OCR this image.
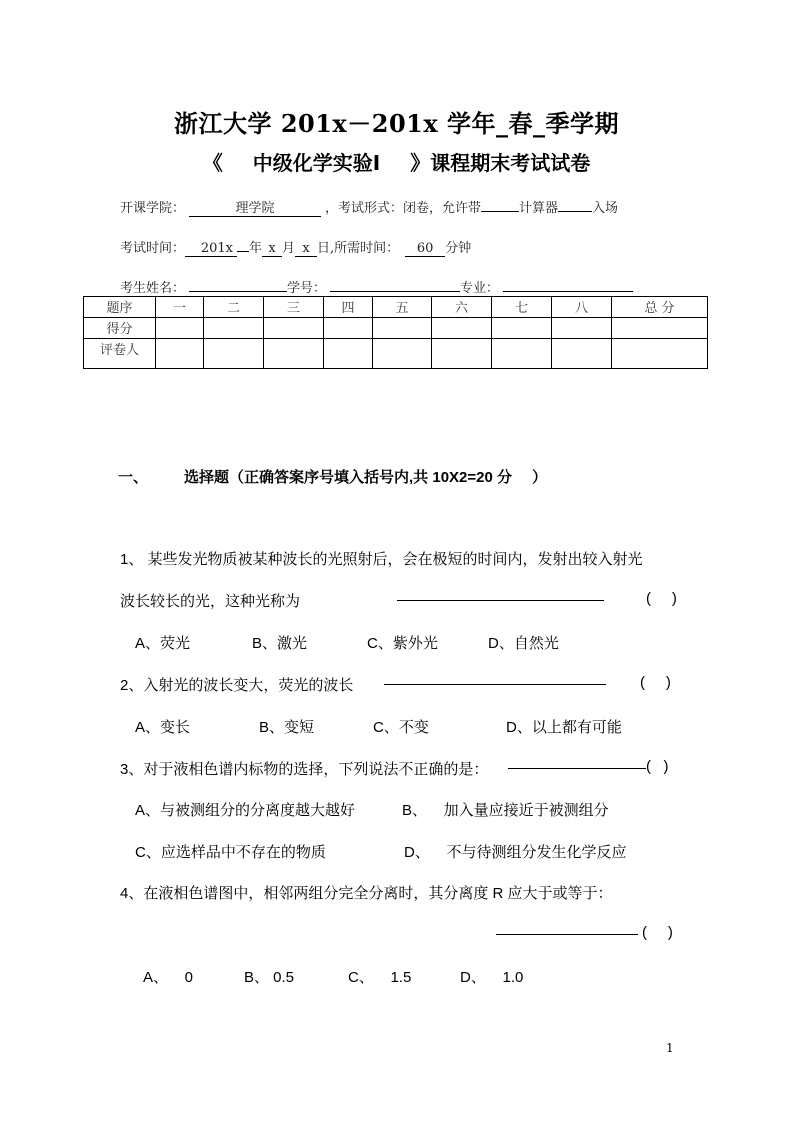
浙江大学 201x－201x 学年_春_季学期
《 中级化学实验Ⅰ 》课程期末考试试卷
开课学院：	理学院	，考试形式：闭卷，允许带	计算器	入场
考试时间： 201x 年 x 月 x 日,所需时间： 60 分钟
考生姓名：	学号：	专业：
题序	一	二	三	四	五	六	七	八	总 分
得分									
评卷人									
一、 选择题（正确答案序号填入括号内,共 10X2=20 分 ）
1、 某些发光物质被某种波长的光照射后，会在极短的时间内，发射出较入射光
波长较长的光，这种光称为	(     )
A、荧光	B、激光	C、紫外光	D、自然光
2、入射光的波长变大，荧光的波长	(     )
A、变长	B、变短	C、不变	D、以上都有可能
3、对于液相色谱内标物的选择，下列说法不正确的是：	(   )
A、与被测组分的分离度越大越好	B、    加入量应接近于被测组分
C、应选样品中不存在的物质	D、    不与待测组分发生化学反应
4、在液相色谱图中，相邻两组分完全分离时，其分离度 R 应大于或等于：
(     )
A、    0	B、 0.5	C、    1.5	D、    1.0
1
